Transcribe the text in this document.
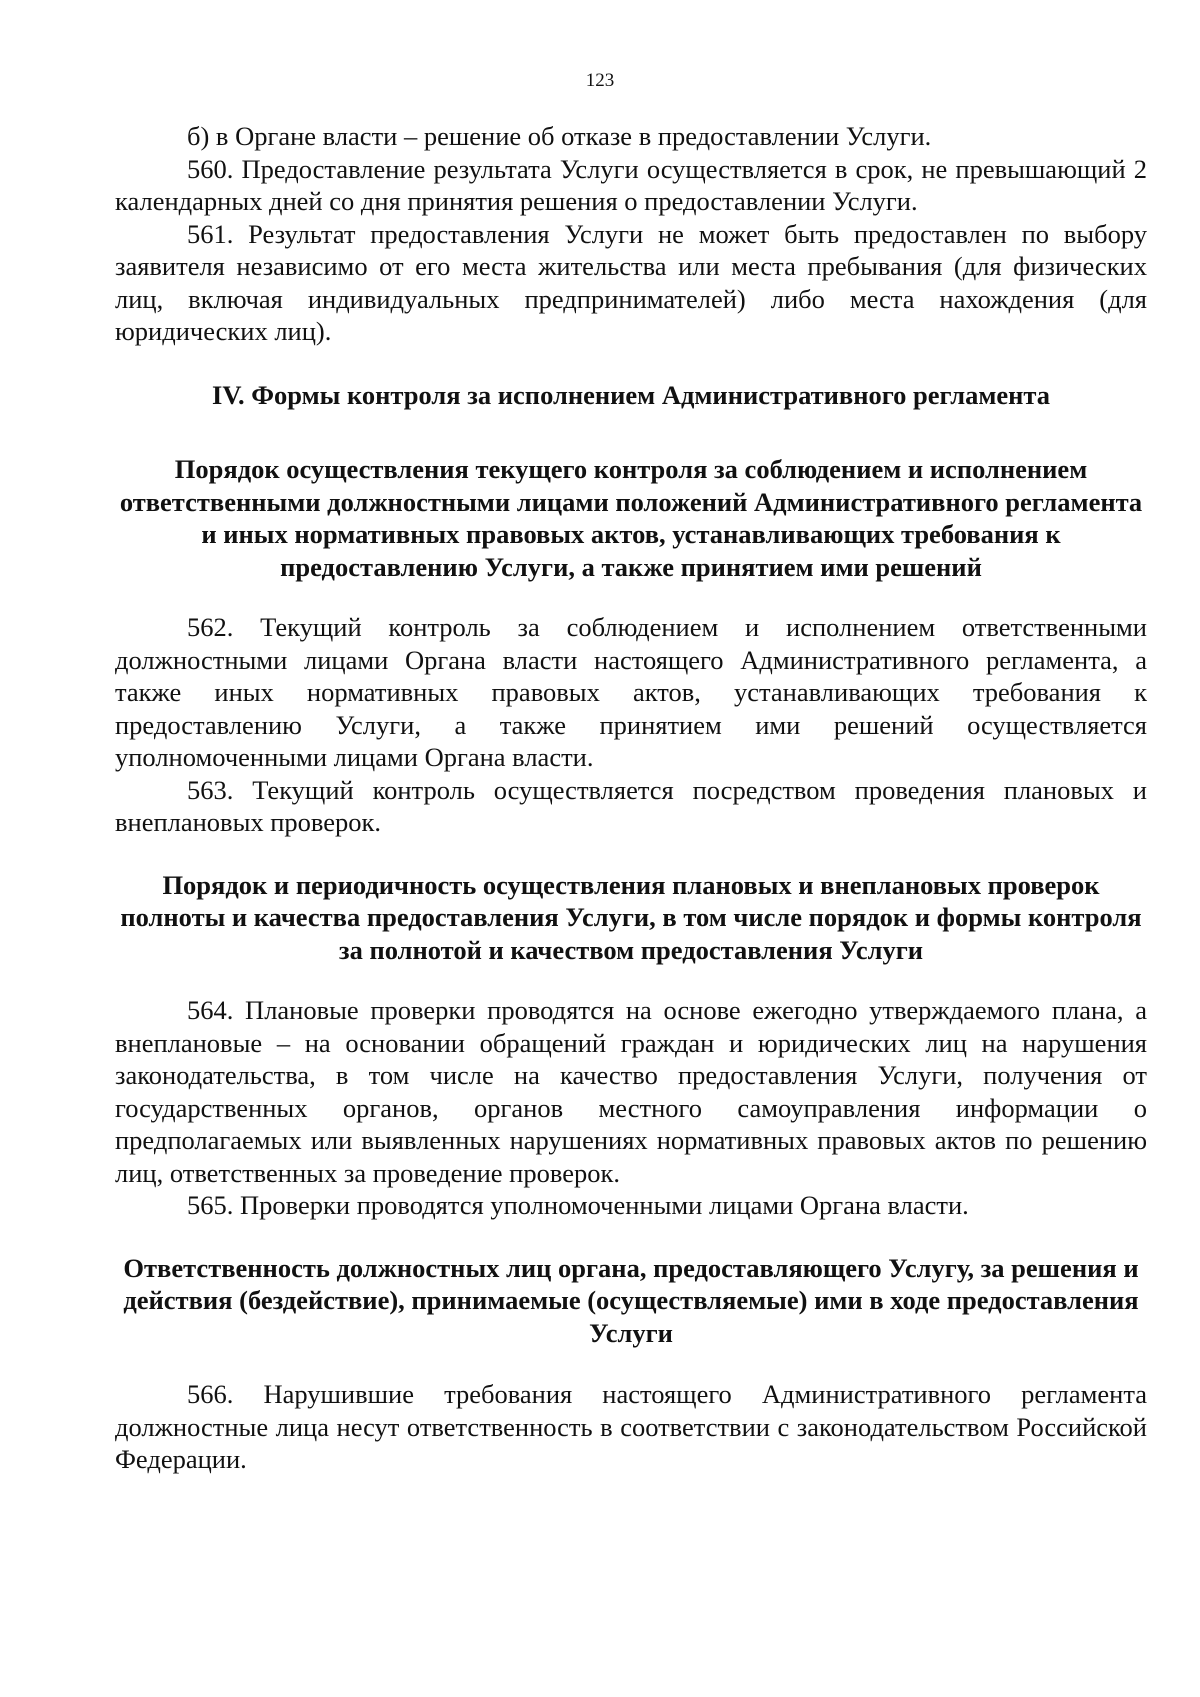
123

б) в Органе власти – решение об отказе в предоставлении Услуги.

560. Предоставление результата Услуги осуществляется в срок, не превышающий 2 календарных дней со дня принятия решения о предоставлении Услуги.

561. Результат предоставления Услуги не может быть предоставлен по выбору заявителя независимо от его места жительства или места пребывания (для физических лиц, включая индивидуальных предпринимателей) либо места нахождения (для юридических лиц).

IV. Формы контроля за исполнением Административного регламента
Порядок осуществления текущего контроля за соблюдением и исполнением ответственными должностными лицами положений Административного регламента и иных нормативных правовых актов, устанавливающих требования к предоставлению Услуги, а также принятием ими решений

562. Текущий контроль за соблюдением и исполнением ответственными должностными лицами Органа власти настоящего Административного регламента, а также иных нормативных правовых актов, устанавливающих требования к предоставлению Услуги, а также принятием ими решений осуществляется уполномоченными лицами Органа власти.

563. Текущий контроль осуществляется посредством проведения плановых и внеплановых проверок.

Порядок и периодичность осуществления плановых и внеплановых проверок полноты и качества предоставления Услуги, в том числе порядок и формы контроля за полнотой и качеством предоставления Услуги

564. Плановые проверки проводятся на основе ежегодно утверждаемого плана, а внеплановые – на основании обращений граждан и юридических лиц на нарушения законодательства, в том числе на качество предоставления Услуги, получения от государственных органов, органов местного самоуправления информации о предполагаемых или выявленных нарушениях нормативных правовых актов по решению лиц, ответственных за проведение проверок.

565. Проверки проводятся уполномоченными лицами Органа власти.

Ответственность должностных лиц органа, предоставляющего Услугу, за решения и действия (бездействие), принимаемые (осуществляемые) ими в ходе предоставления Услуги

566. Нарушившие требования настоящего Административного регламента должностные лица несут ответственность в соответствии с законодательством Российской Федерации.
